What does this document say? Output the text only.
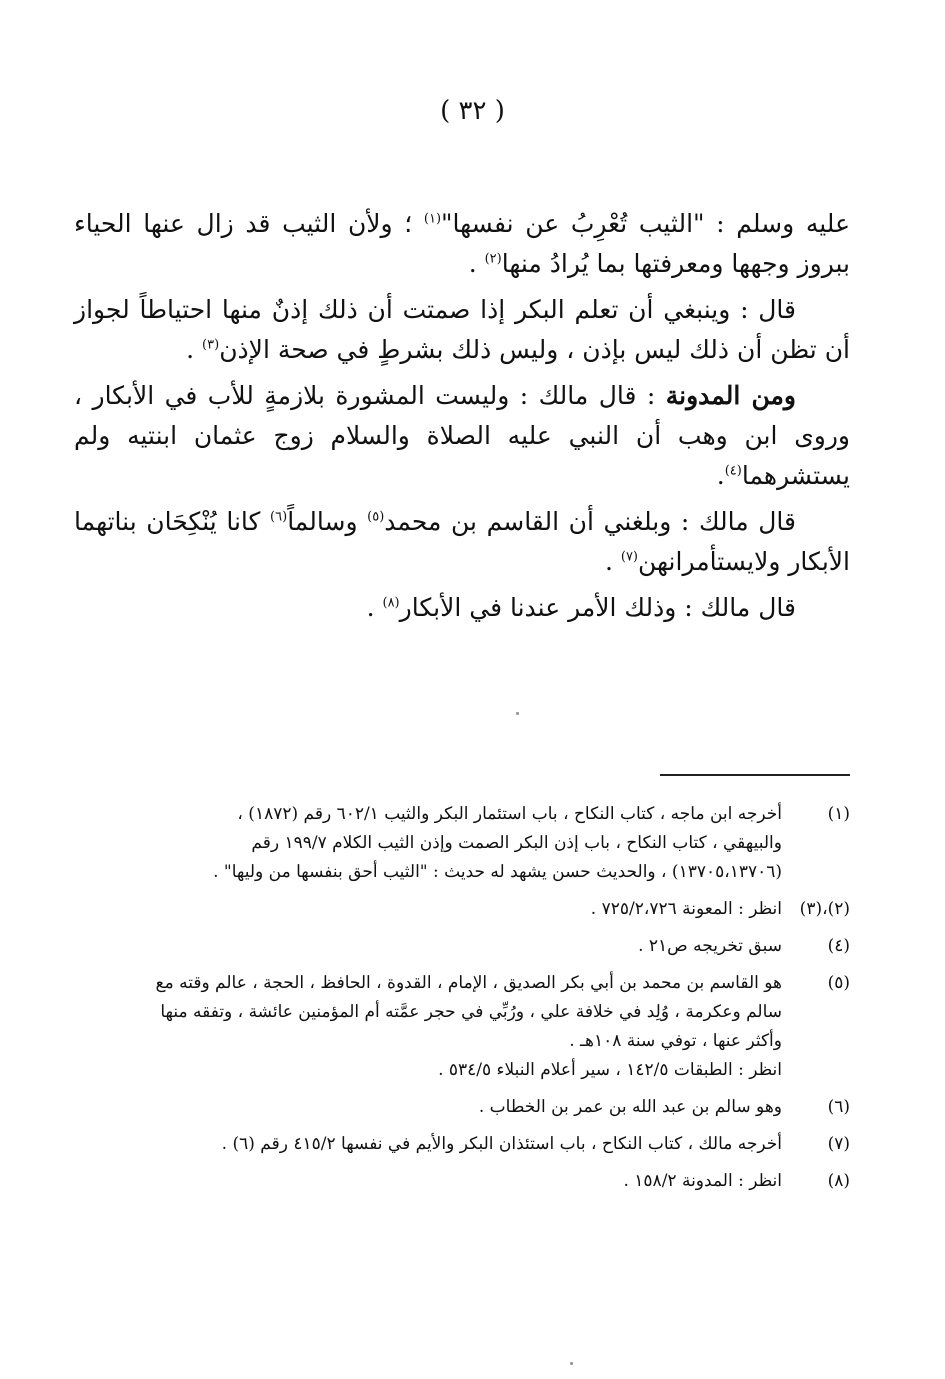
( ٣٢ )

عليه وسلم : "الثيب تُعْرِبُ عن نفسها"$^{(١)}$ ؛ ولأن الثيب قد زال عنها الحياء ببروز وجهها ومعرفتها بما يُرادُ منها$^{(٢)}$ .

قال : وينبغي أن تعلم البكر إذا صمتت أن ذلك إذنٌ منها احتياطاً لجواز أن تظن أن ذلك ليس بإذن ، وليس ذلك بشرطٍ في صحة الإذن$^{(٣)}$ .

ومن المدونة : قال مالك : وليست المشورة بلازمةٍ للأب في الأبكار ، وروى ابن وهب أن النبي عليه الصلاة والسلام زوج عثمان ابنتيه ولم يستشرهما$^{(٤)}$.

قال مالك : وبلغني أن القاسم بن محمد$^{(٥)}$ وسالماً$^{(٦)}$ كانا يُنْكِحَان بناتهما الأبكار ولايستأمرانهن$^{(٧)}$ .

قال مالك : وذلك الأمر عندنا في الأبكار$^{(٨)}$ .

(١)
أخرجه ابن ماجه ، كتاب النكاح ، باب استئمار البكر والثيب ٦٠٢/١ رقم (١٨٧٢) ،
والبيهقي ، كتاب النكاح ، باب إذن البكر الصمت وإذن الثيب الكلام ١٩٩/٧ رقم
(١٣٧٠٥،١٣٧٠٦) ، والحديث حسن يشهد له حديث : "الثيب أحق بنفسها من وليها" .
(٢)،(٣)
انظر : المعونة ٧٢٥/٢،٧٢٦ .
(٤)
سبق تخريجه ص٢١ .
(٥)
هو القاسم بن محمد بن أبي بكر الصديق ، الإمام ، القدوة ، الحافظ ، الحجة ، عالم وقته مع
سالم وعكرمة ، وُلِد في خلافة علي ، ورُبِّي في حجر عمَّته أم المؤمنين عائشة ، وتفقه منها
وأكثر عنها ، توفي سنة ١٠٨هـ .
انظر : الطبقات ١٤٢/٥ ، سير أعلام النبلاء ٥٣٤/٥ .
(٦)
وهو سالم بن عبد الله بن عمر بن الخطاب .
(٧)
أخرجه مالك ، كتاب النكاح ، باب استئذان البكر والأيم في نفسها ٤١٥/٢ رقم (٦) .
(٨)
انظر : المدونة ١٥٨/٢ .
